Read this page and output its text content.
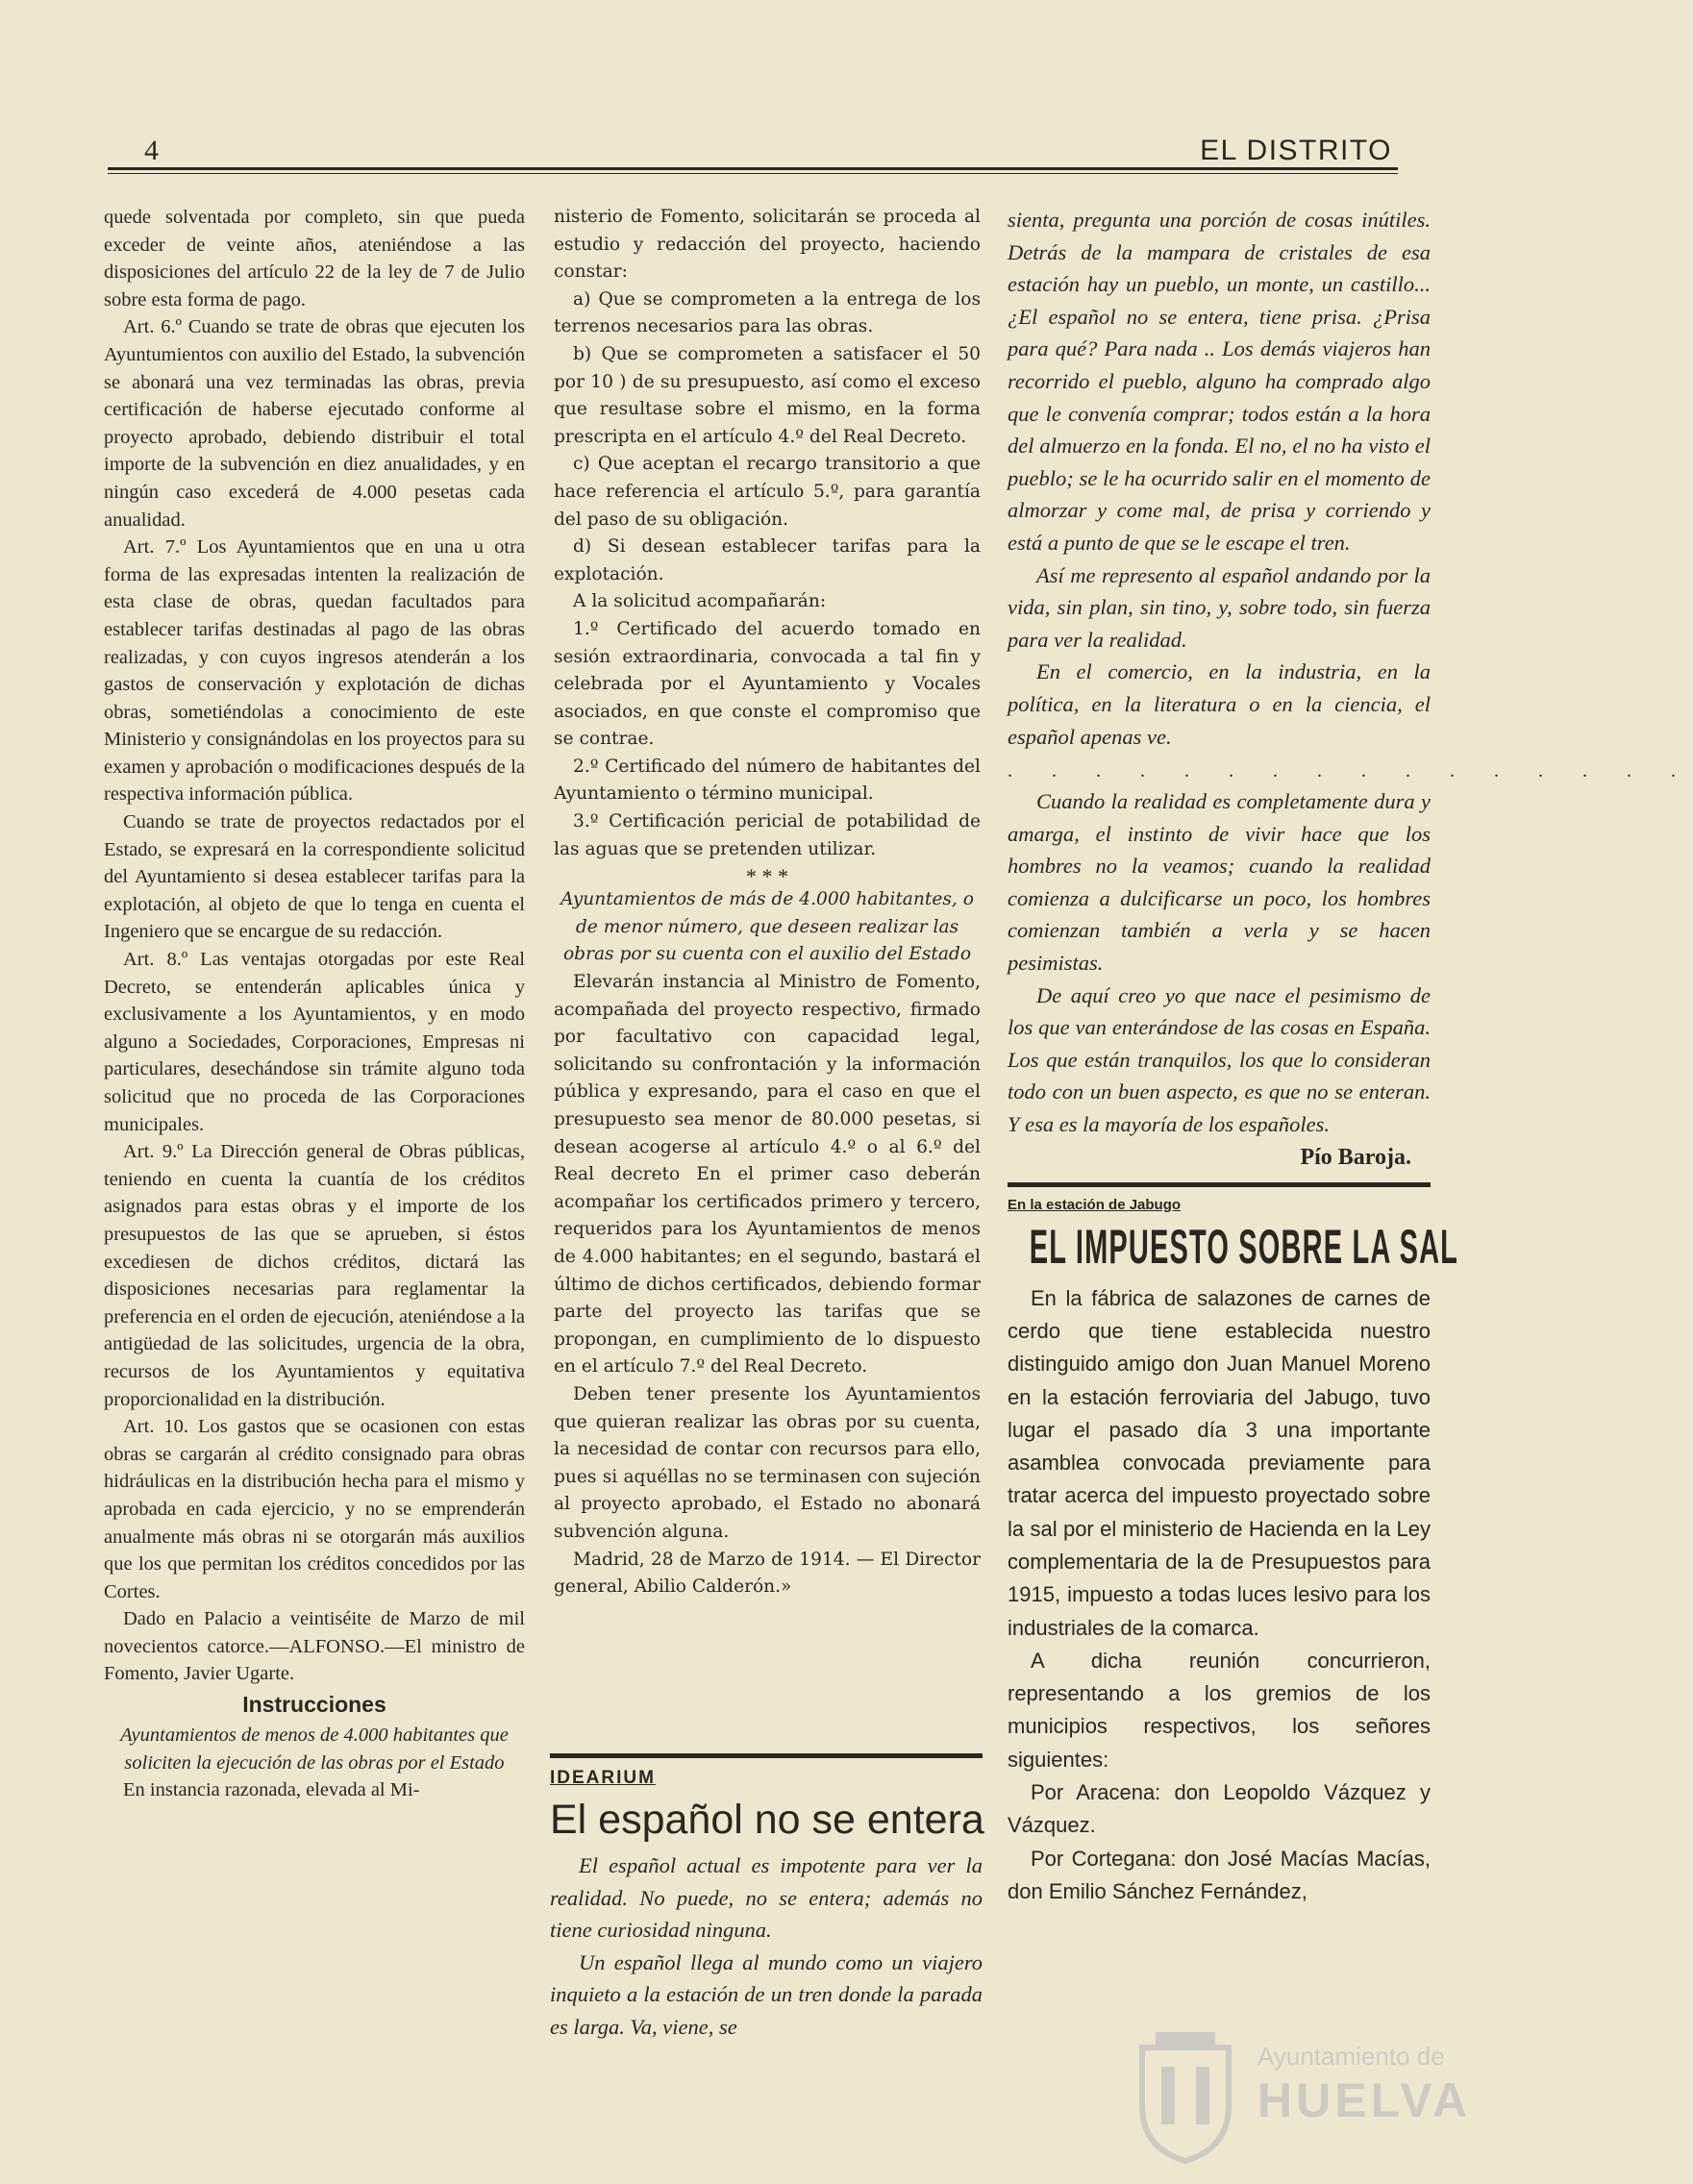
4	EL DISTRITO

quede solventada por completo, sin que pueda exceder de veinte años, ateniéndose a las disposiciones del artículo 22 de la ley de 7 de Julio sobre esta forma de pago.

Art. 6.º Cuando se trate de obras que ejecuten los Ayuntumientos con auxilio del Estado, la subvención se abonará una vez terminadas las obras, previa certificación de haberse ejecutado conforme al proyecto aprobado, debiendo distribuir el total importe de la subvención en diez anualidades, y en ningún caso excederá de 4.000 pesetas cada anualidad.

Art. 7.º Los Ayuntamientos que en una u otra forma de las expresadas intenten la realización de esta clase de obras, quedan facultados para establecer tarifas destinadas al pago de las obras realizadas, y con cuyos ingresos atenderán a los gastos de conservación y explotación de dichas obras, sometiéndolas a conocimiento de este Ministerio y consignándolas en los proyectos para su examen y aprobación o modificaciones después de la respectiva información pública.

Cuando se trate de proyectos redactados por el Estado, se expresará en la correspondiente solicitud del Ayuntamiento si desea establecer tarifas para la explotación, al objeto de que lo tenga en cuenta el Ingeniero que se encargue de su redacción.

Art. 8.º Las ventajas otorgadas por este Real Decreto, se entenderán aplicables única y exclusivamente a los Ayuntamientos, y en modo alguno a Sociedades, Corporaciones, Empresas ni particulares, desechándose sin trámite alguno toda solicitud que no proceda de las Corporaciones municipales.

Art. 9.º La Dirección general de Obras públicas, teniendo en cuenta la cuantía de los créditos asignados para estas obras y el importe de los presupuestos de las que se aprueben, si éstos excediesen de dichos créditos, dictará las disposiciones necesarias para reglamentar la preferencia en el orden de ejecución, ateniéndose a la antigüedad de las solicitudes, urgencia de la obra, recursos de los Ayuntamientos y equitativa proporcionalidad en la distribución.

Art. 10. Los gastos que se ocasionen con estas obras se cargarán al crédito consignado para obras hidráulicas en la distribución hecha para el mismo y aprobada en cada ejercicio, y no se emprenderán anualmente más obras ni se otorgarán más auxilios que los que permitan los créditos concedidos por las Cortes.

Dado en Palacio a veintiséite de Marzo de mil novecientos catorce.—ALFONSO.—El ministro de Fomento, Javier Ugarte.

Instrucciones
Ayuntamientos de menos de 4.000 habitantes que soliciten la ejecución de las obras por el Estado

En instancia razonada, elevada al Mi-

nisterio de Fomento, solicitarán se proceda al estudio y redacción del proyecto, haciendo constar:

a) Que se comprometen a la entrega de los terrenos necesarios para las obras.

b) Que se comprometen a satisfacer el 50 por 10 ) de su presupuesto, así como el exceso que resultase sobre el mismo, en la forma prescripta en el artículo 4.º del Real Decreto.

c) Que aceptan el recargo transitorio a que hace referencia el artículo 5.º, para garantía del paso de su obligación.

d) Si desean establecer tarifas para la explotación.

A la solicitud acompañarán:

1.º Certificado del acuerdo tomado en sesión extraordinaria, convocada a tal fin y celebrada por el Ayuntamiento y Vocales asociados, en que conste el compromiso que se contrae.

2.º Certificado del número de habitantes del Ayuntamiento o término municipal.

3.º Certificación pericial de potabilidad de las aguas que se pretenden utilizar.

* * *
Ayuntamientos de más de 4.000 habitantes, o de menor número, que deseen realizar las obras por su cuenta con el auxilio del Estado

Elevarán instancia al Ministro de Fomento, acompañada del proyecto respectivo, firmado por facultativo con capacidad legal, solicitando su confrontación y la información pública y expresando, para el caso en que el presupuesto sea menor de 80.000 pesetas, si desean acogerse al artículo 4.º o al 6.º del Real decreto En el primer caso deberán acompañar los certificados primero y tercero, requeridos para los Ayuntamientos de menos de 4.000 habitantes; en el segundo, bastará el último de dichos certificados, debiendo formar parte del proyecto las tarifas que se propongan, en cumplimiento de lo dispuesto en el artículo 7.º del Real Decreto.

Deben tener presente los Ayuntamientos que quieran realizar las obras por su cuenta, la necesidad de contar con recursos para ello, pues si aquéllas no se terminasen con sujeción al proyecto aprobado, el Estado no abonará subvención alguna.

Madrid, 28 de Marzo de 1914. — El Director general, Abilio Calderón.»

IDEARIUM
El español no se entera

El español actual es impotente para ver la realidad. No puede, no se entera; además no tiene curiosidad ninguna.

Un español llega al mundo como un viajero inquieto a la estación de un tren donde la parada es larga. Va, viene, se

sienta, pregunta una porción de cosas inútiles. Detrás de la mampara de cristales de esa estación hay un pueblo, un monte, un castillo... ¿El español no se entera, tiene prisa. ¿Prisa para qué? Para nada .. Los demás viajeros han recorrido el pueblo, alguno ha comprado algo que le convenía comprar; todos están a la hora del almuerzo en la fonda. El no, el no ha visto el pueblo; se le ha ocurrido salir en el momento de almorzar y come mal, de prisa y corriendo y está a punto de que se le escape el tren.

Así me represento al español andando por la vida, sin plan, sin tino, y, sobre todo, sin fuerza para ver la realidad.

En el comercio, en la industria, en la política, en la literatura o en la ciencia, el español apenas ve.

. . . . . . . . . . . . . . . .

Cuando la realidad es completamente dura y amarga, el instinto de vivir hace que los hombres no la veamos; cuando la realidad comienza a dulcificarse un poco, los hombres comienzan también a verla y se hacen pesimistas.

De aquí creo yo que nace el pesimismo de los que van enterándose de las cosas en España. Los que están tranquilos, los que lo consideran todo con un buen aspecto, es que no se enteran. Y esa es la mayoría de los españoles.

Pío Baroja.
En la estación de Jabugo
EL IMPUESTO SOBRE LA SAL

En la fábrica de salazones de carnes de cerdo que tiene establecida nuestro distinguido amigo don Juan Manuel Moreno en la estación ferroviaria del Jabugo, tuvo lugar el pasado día 3 una importante asamblea convocada previamente para tratar acerca del impuesto proyectado sobre la sal por el ministerio de Hacienda en la Ley complementaria de la de Presupuestos para 1915, impuesto a todas luces lesivo para los industriales de la comarca.

A dicha reunión concurrieron, representando a los gremios de los municipios respectivos, los señores siguientes:

Por Aracena: don Leopoldo Vázquez y Vázquez.

Por Cortegana: don José Macías Macías, don Emilio Sánchez Fernández,

Ayuntamiento de
HUELVA
